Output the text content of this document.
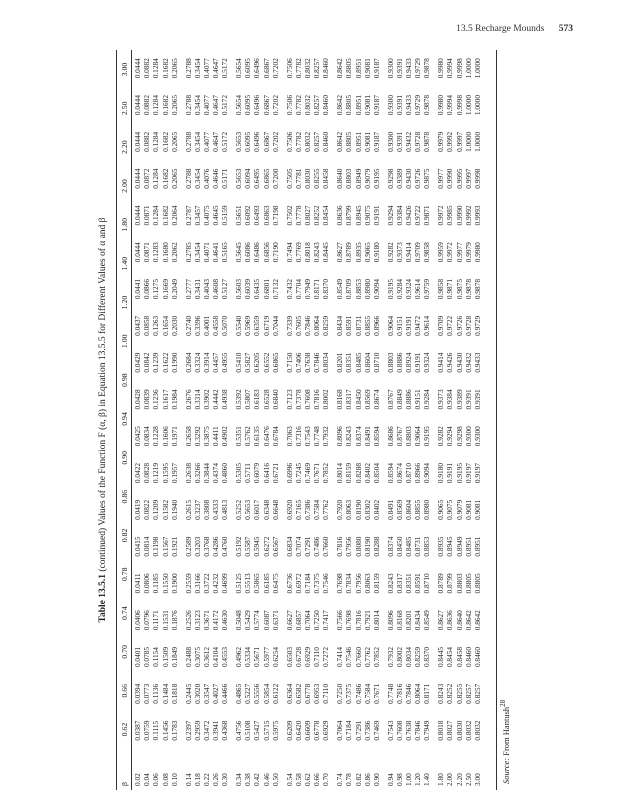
13.5 Recharge Mounds 573
Table 13.5.1 (continued) Values of the Function F (α, β) in Equation 13.5.5 for Different Values of α and β
β
0.62
0.66
0.70
0.74
0.78
0.82
0.86
0.90
0.94
0.98
1.00
1.20
1.40
1.80
2.00
2.20
2.50
3.00
0.02
0.0387
0.0394
0.0401
0.0406
0.0411
0.0415
0.0419
0.0422
0.0425
0.0428
0.0429
0.0437
0.0441
0.0444
0.0444
0.0444
0.0444
0.0444
0.0444
0.04
0.0759
0.0773
0.0785
0.0796
0.0806
0.0814
0.0822
0.0828
0.0834
0.0839
0.0842
0.0858
0.0866
0.0871
0.0871
0.0872
0.0882
0.0882
0.0882
0.06
0.1115
0.1136
0.1154
0.1171
0.1185
0.1198
0.1209
0.1219
0.1228
0.1236
0.1239
0.1263
0.1275
0.1283
0.1284
0.1284
0.1284
0.1284
0.1284
0.08
0.1456
0.1484
0.1509
0.1531
0.1550
0.1567
0.1582
0.1595
0.1606
0.1617
0.1622
0.1654
0.1669
0.1680
0.1682
0.1682
0.1682
0.1682
0.1682
0.10
0.1783
0.1818
0.1849
0.1876
0.1900
0.1921
0.1940
0.1957
0.1971
0.1984
0.1990
0.2030
0.2049
0.2062
0.2064
0.2065
0.2065
0.2065
0.2065
0.14
0.2397
0.2445
0.2488
0.2526
0.2559
0.2589
0.2615
0.2638
0.2658
0.2676
0.2684
0.2740
0.2777
0.2785
0.2787
0.2788
0.2788
0.2788
0.2788
0.18
0.2959
0.3020
0.3075
0.3123
0.3166
0.3203
0.3237
0.3266
0.3292
0.3314
0.3324
0.3396
0.3431
0.3454
0.3457
0.3454
0.3454
0.3454
0.3454
0.22
0.3472
0.3547
0.3612
0.3671
0.3722
0.3768
0.3808
0.3844
0.3875
0.3902
0.3914
0.4001
0.4043
0.4071
0.4075
0.4076
0.4077
0.4077
0.4077
0.26
0.3941
0.4027
0.4104
0.4172
0.4232
0.4286
0.4333
0.4374
0.4411
0.4442
0.4457
0.4558
0.4608
0.4641
0.4645
0.4646
0.4647
0.4647
0.4647
0.30
0.4368
0.4466
0.4553
0.4630
0.4699
0.4760
0.4813
0.4860
0.4902
0.4938
0.4955
0.5070
0.5127
0.5165
0.5159
0.5171
0.5172
0.5172
0.5172
0.34
0.4756
0.4865
0.4962
0.5048
0.5125
0.5192
0.5252
0.5305
0.5351
0.5392
0.5410
0.5540
0.5603
0.5645
0.5651
0.5653
0.5653
0.5654
0.5654
0.38
0.5108
0.5227
0.5334
0.5429
0.5513
0.5587
0.5653
0.5711
0.5762
0.5807
0.5827
0.5969
0.6039
0.6086
0.6092
0.6094
0.6095
0.6095
0.6095
0.42
0.5427
0.5556
0.5671
0.5774
0.5865
0.5945
0.6017
0.6079
0.6135
0.6183
0.6205
0.6359
0.6435
0.6486
0.6493
0.6495
0.6496
0.6496
0.6496
0.46
0.5715
0.5854
0.5977
0.6087
0.6185
0.6272
0.6348
0.6416
0.6476
0.6528
0.6552
0.6719
0.6801
0.6856
0.6863
0.6865
0.6867
0.6867
0.6867
0.50
0.5975
0.6122
0.6254
0.6371
0.6475
0.6567
0.6648
0.6721
0.6784
0.6840
0.6865
0.7044
0.7132
0.7190
0.7198
0.7200
0.7202
0.7202
0.7202
0.54
0.6209
0.6364
0.6503
0.6627
0.6736
0.6834
0.6920
0.6996
0.7063
0.7123
0.7150
0.7339
0.7432
0.7494
0.7502
0.7505
0.7506
0.7506
0.7506
0.58
0.6420
0.6582
0.6728
0.6857
0.6972
0.7074
0.7165
0.7245
0.7316
0.7378
0.7406
0.7605
0.7704
0.7769
0.7778
0.7781
0.7782
0.7782
0.7782
0.62
0.6609
0.6778
0.6929
0.7064
0.7184
0.7291
0.7386
0.7469
0.7543
0.7608
0.7638
0.7846
0.7949
0.8018
0.8027
0.8030
0.8032
0.8032
0.8032
0.66
0.6778
0.6953
0.7110
0.7250
0.7375
0.7486
0.7584
0.7671
0.7748
0.7816
0.7846
0.8064
0.8171
0.8243
0.8252
0.8255
0.8257
0.8257
0.8257
0.70
0.6929
0.7110
0.7272
0.7417
0.7546
0.7660
0.7762
0.7852
0.7932
0.8002
0.8034
0.8259
0.8370
0.8445
0.8454
0.8458
0.8460
0.8460
0.8460
0.74
0.7064
0.7250
0.7414
0.7566
0.7698
0.7816
0.7920
0.8014
0.8096
0.8168
0.8201
0.8434
0.8549
0.8627
0.8636
0.8640
0.8642
0.8642
0.8642
0.78
0.7184
0.7375
0.7546
0.7698
0.7834
0.7956
0.8063
0.8159
0.8243
0.8317
0.8351
0.8591
0.8709
0.8789
0.8799
0.8803
0.8805
0.8805
0.8805
0.82
0.7291
0.7486
0.7660
0.7816
0.7956
0.8080
0.8190
0.8288
0.8374
0.8450
0.8485
0.8731
0.8853
0.8935
0.8945
0.8949
0.8951
0.8951
0.8951
0.86
0.7386
0.7584
0.7762
0.7921
0.8063
0.8190
0.8302
0.8402
0.8491
0.8569
0.8604
0.8855
0.8980
0.9065
0.9075
0.9079
0.9081
0.9081
0.9081
0.90
0.7469
0.7671
0.7852
0.8014
0.8159
0.8288
0.8402
0.8504
0.8594
0.8674
0.8710
0.8966
0.9094
0.9180
0.9191
0.9195
0.9187
0.9187
0.9187
0.94
0.7543
0.7748
0.7932
0.8096
0.8243
0.8374
0.8491
0.8594
0.8686
0.8767
0.8803
0.9064
0.9195
0.9282
0.9294
0.9298
0.9300
0.9300
0.9300
0.98
0.7608
0.7816
0.8002
0.8168
0.8317
0.8450
0.8569
0.8674
0.8767
0.8849
0.8886
0.9151
0.9284
0.9373
0.9384
0.9389
0.9391
0.9391
0.9391
1.00
0.7638
0.7846
0.8034
0.8201
0.8351
0.8485
0.8604
0.8710
0.8803
0.8886
0.8924
0.9191
0.9324
0.9414
0.9426
0.9430
0.9432
0.9433
0.9433
1.20
0.7846
0.8064
0.8259
0.8434
0.8591
0.8731
0.8855
0.8966
0.9064
0.9151
0.9191
0.9472
0.9614
0.9709
0.9722
0.9726
0.9728
0.9729
0.9729
1.40
0.7949
0.8171
0.8370
0.8549
0.8710
0.8853
0.8980
0.9094
0.9195
0.9284
0.9324
0.9614
0.9759
0.9858
0.9871
0.9875
0.9878
0.9878
0.9878
1.80
0.8018
0.8243
0.8445
0.8627
0.8789
0.8935
0.9065
0.9180
0.9282
0.9373
0.9414
0.9709
0.9858
0.9959
0.9972
0.9977
0.9979
0.9980
0.9980
2.00
0.8027
0.8252
0.8454
0.8636
0.8799
0.8945
0.9075
0.9191
0.9294
0.9384
0.9426
0.9722
0.9871
0.9972
0.9985
0.9990
0.9992
0.9994
0.9994
2.20
0.8030
0.8255
0.8458
0.8640
0.8803
0.8949
0.9079
0.9195
0.9298
0.9389
0.9430
0.9726
0.9875
0.9977
0.9990
0.9995
0.9997
0.9998
0.9998
2.50
0.8032
0.8257
0.8460
0.8642
0.8805
0.8951
0.9081
0.9197
0.9300
0.9391
0.9432
0.9728
0.9878
0.9979
0.9992
0.9997
1.0000
1.0000
1.0000
3.00
0.8032
0.8257
0.8460
0.8642
0.8805
0.8951
0.9081
0.9197
0.9300
0.9391
0.9433
0.9729
0.9878
0.9980
0.9993
0.9998
1.0000
1.0000
1.0000
Source: From Hantush$^{28}$
